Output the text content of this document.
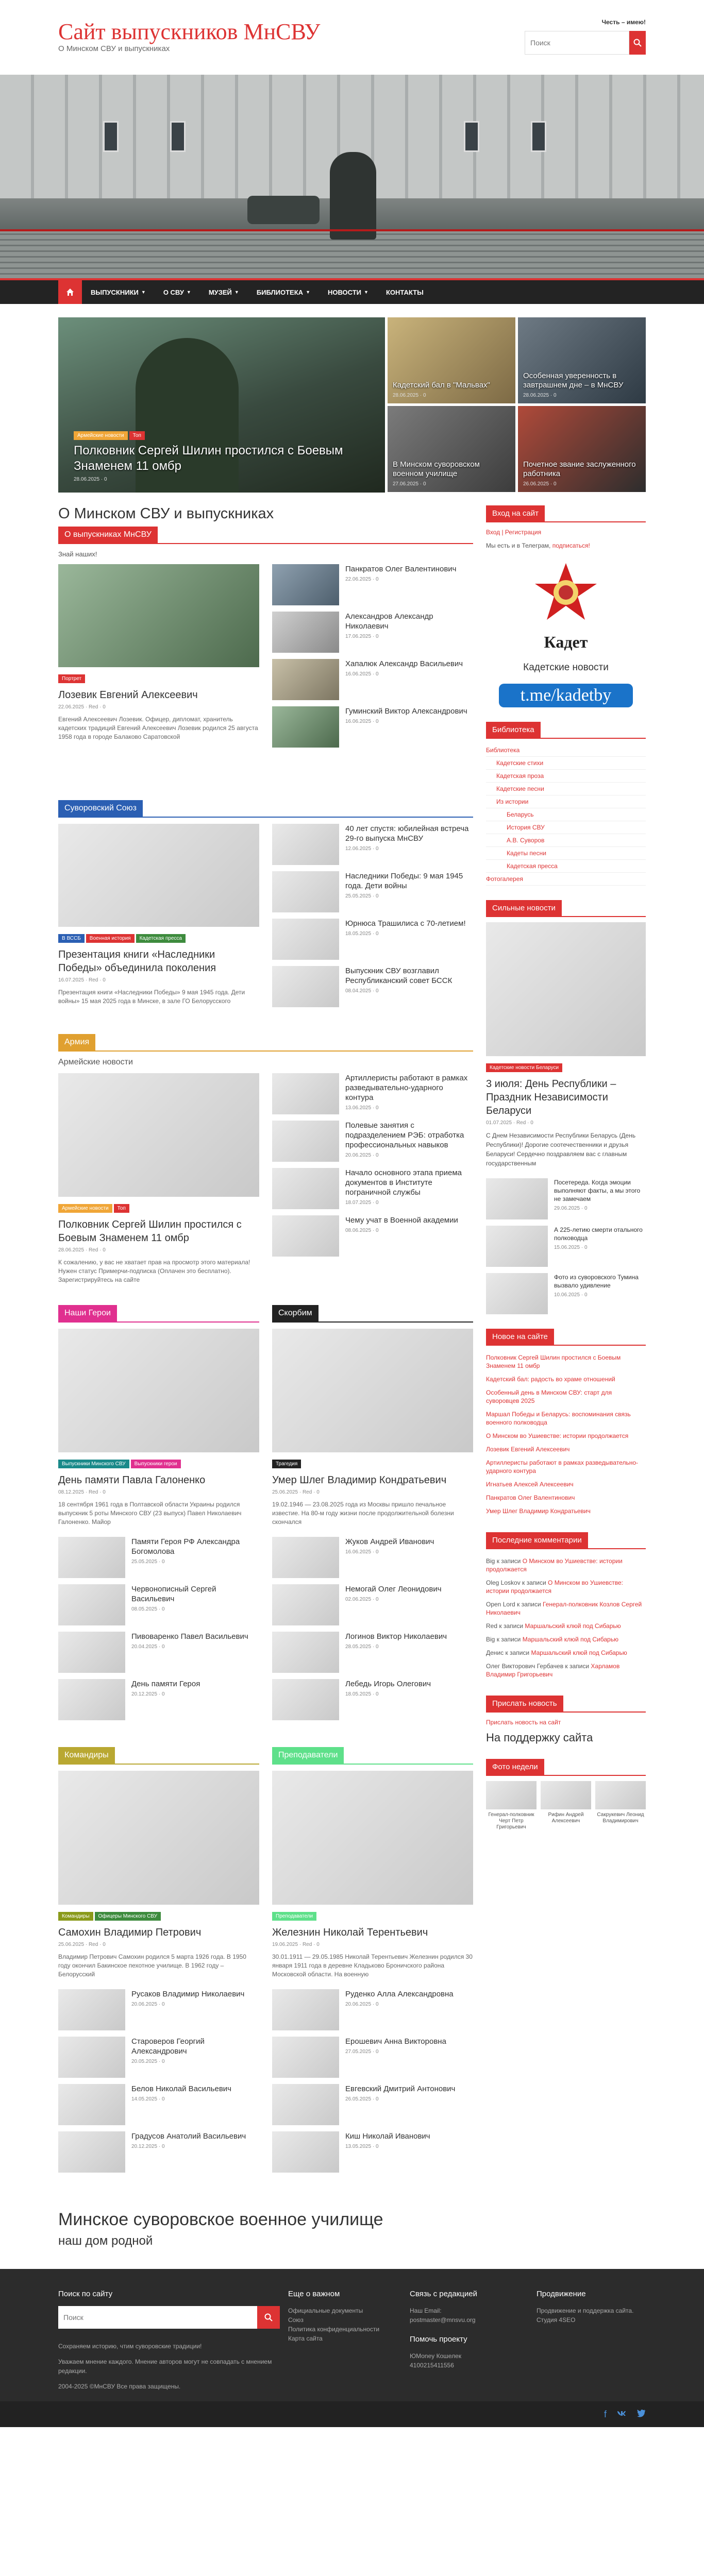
Сайт выпускников МнСВУ
О Минском СВУ и выпускниках
Честь – имею!
Поиск
ВЫПУСКНИКИ ▼	О СВУ ▼	МУЗЕЙ ▼	БИБЛИОТЕКА ▼	НОВОСТИ ▼	КОНТАКТЫ
Армейские новости Топ
Полковник Сергей Шилин простился с Боевым Знаменем 11 омбр
28.06.2025 · 0
Кадетский бал в "Мальвах"
28.06.2025 · 0
В Минском суворовском военном училище
27.06.2025 · 0
Особенная уверенность в завтрашнем дне – в МнСВУ
28.06.2025 · 0
Почетное звание заслуженного работника
26.06.2025 · 0
О Минском СВУ и выпускниках
О выпускниках МнСВУ
Знай наших!
Портрет
Лозевик Евгений Алексеевич
22.06.2025 · Red · 0

Евгений Алексеевич Лозевик. Офицер, дипломат, хранитель кадетских традиций Евгений Алексеевич Лозевик родился 25 августа 1958 года в городе Балаково Саратовской

Панкратов Олег Валентинович
22.06.2025 · 0
Александров Александр Николаевич
17.06.2025 · 0
Хапалюк Александр Васильевич
16.06.2025 · 0
Гуминский Виктор Александрович
16.06.2025 · 0
Суворовский Союз
В ВССБ Военная история Кадетская пресса
Презентация книги «Наследники Победы» объединила поколения
16.07.2025 · Red · 0

Презентация книги «Наследники Победы» 9 мая 1945 года. Дети войны» 15 мая 2025 года в Минске, в зале ГО Белорусского

40 лет спустя: юбилейная встреча 29-го выпуска МнСВУ
12.06.2025 · 0
Наследники Победы: 9 мая 1945 года. Дети войны
25.05.2025 · 0
Юрнюса Трашилиса с 70-летием!
18.05.2025 · 0
Выпускник СВУ возглавил Республиканский совет БССК
08.04.2025 · 0
Армия
Армейские новости
Армейские новости Топ
Полковник Сергей Шилин простился с Боевым Знаменем 11 омбр
28.06.2025 · Red · 0

К сожалению, у вас не хватает прав на просмотр этого материала! Нужен статус Примерчи-подписка (Оплачен это бесплатно). Зарегистрируйтесь на сайте

Артиллеристы работают в рамках разведывательно-ударного контура
13.06.2025 · 0
Полевые занятия с подразделением РЭБ: отработка профессиональных навыков
20.06.2025 · 0
Начало основного этапа приема документов в Институте пограничной службы
18.07.2025 · 0
Чему учат в Военной академии
08.06.2025 · 0
Наши Герои
Выпускники Минского СВУ Выпускники герои
День памяти Павла Галоненко
08.12.2025 · Red · 0

18 сентября 1961 года в Полтавской области Украины родился выпускник 5 роты Минского СВУ (23 выпуск) Павел Николаевич Галоненко. Майор

Памяти Героя РФ Александра Богомолова
25.05.2025 · 0
Червонописный Сергей Васильевич
08.05.2025 · 0
Пивоваренко Павел Васильевич
20.04.2025 · 0
День памяти Героя
20.12.2025 · 0
Скорбим
Трагедия
Умер Шлег Владимир Кондратьевич
25.06.2025 · Red · 0

19.02.1946 — 23.08.2025 года из Москвы пришло печальное известие. На 80-м году жизни после продолжительной болезни скончался

Жуков Андрей Иванович
16.06.2025 · 0
Немогай Олег Леонидович
02.06.2025 · 0
Логинов Виктор Николаевич
28.05.2025 · 0
Лебедь Игорь Олегович
18.05.2025 · 0
Командиры
Командиры Офицеры Минского СВУ
Самохин Владимир Петрович
25.06.2025 · Red · 0

Владимир Петрович Самохин родился 5 марта 1926 года. В 1950 году окончил Бакинское пехотное училище. В 1962 году – Белорусский

Русаков Владимир Николаевич
20.06.2025 · 0
Староверов Георгий Александрович
20.05.2025 · 0
Белов Николай Васильевич
14.05.2025 · 0
Градусов Анатолий Васильевич
20.12.2025 · 0
Преподаватели
Преподаватели
Железнин Николай Терентьевич
19.06.2025 · Red · 0

30.01.1911 — 29.05.1985 Николай Терентьевич Железнин родился 30 января 1911 года в деревне Кладьково Броничского района Московской области. На военную

Руденко Алла Александровна
20.06.2025 · 0
Ерошевич Анна Викторовна
27.05.2025 · 0
Евгевский Дмитрий Антонович
26.05.2025 · 0
Киш Николай Иванович
13.05.2025 · 0
Вход на сайт
Вход | Регистрация

Мы есть и в Телеграм, подписаться!

Кадет
Кадетские новости
t.me/kadetby
Библиотека
Библиотека
Кадетские стихи
Кадетская проза
Кадетские песни
Из истории
Беларусь
История СВУ
А.В. Суворов
Кадеты песни
Кадетская пресса
Фотогалерея
Сильные новости
Кадетские новости Беларуси
3 июля: День Республики – Праздник Независимости Беларуси
01.07.2025 · Red · 0

С Днем Независимости Республики Беларусь (День Республики)! Дорогие соотечественники и друзья Беларуси! Сердечно поздравляем вас с главным государственным

Посетереда. Когда эмоции выполняют факты, а мы этого не замечаем
29.06.2025 · 0
А 225-летию смерти отального полководца
15.06.2025 · 0
Фото из суворовского Тумина вызвало удивление
10.06.2025 · 0
Новое на сайте
Полковник Сергей Шилин простился с Боевым Знаменем 11 омбр
Кадетский бал: радость во храме отношений
Особенный день в Минском СВУ: старт для суворовцев 2025
Маршал Победы и Беларусь: воспоминания связь военного полководца
О Минском во Ушиевстве: истории продолжается
Лозевик Евгений Алексеевич
Артиллеристы работают в рамках разведывательно-ударного контура
Игнатьев Алексей Алексеевич
Панкратов Олег Валентинович
Умер Шлег Владимир Кондратьевич
Последние комментарии
Big к записи О Минском во Ушиевстве: истории продолжается
Oleg Loskov к записи О Минском во Ушиевстве: истории продолжается
Open Lord к записи Генерал-полковник Козлов Сергей Николаевич
Red к записи Маршальский клюй под Сибарью
Big к записи Маршальский клюй под Сибарью
Денис к записи Маршальский клюй под Сибарью
Олег Викторович Гербачев к записи Харламов Владимир Григорьевич
Прислать новость
Прислать новость на сайт
На поддержку сайта
Фото недели
Генерал-полковник Черт Петр Григорьевич
Рифин Андрей Алексеевич
Сакрукевич Леонид Владимирович
Минское суворовское военное училище
наш дом родной
Поиск по сайту
Поиск

Сохраняем историю, чтим суворовские традиции!

Уважаем мнение каждого. Мнение авторов могут не совпадать с мнением редакции.

2004-2025 ©МнСВУ Все права защищены.

Еще о важном
Официальные документы
Союз
Политика конфиденциальности
Карта сайта
Связь с редакцией

Наш Email:

postmaster@mnsvu.org

Помочь проекту

ЮМоney Кошелек

4100215411556

Продвижение

Продвижение и поддержка сайта. Студия 4SEO

f
